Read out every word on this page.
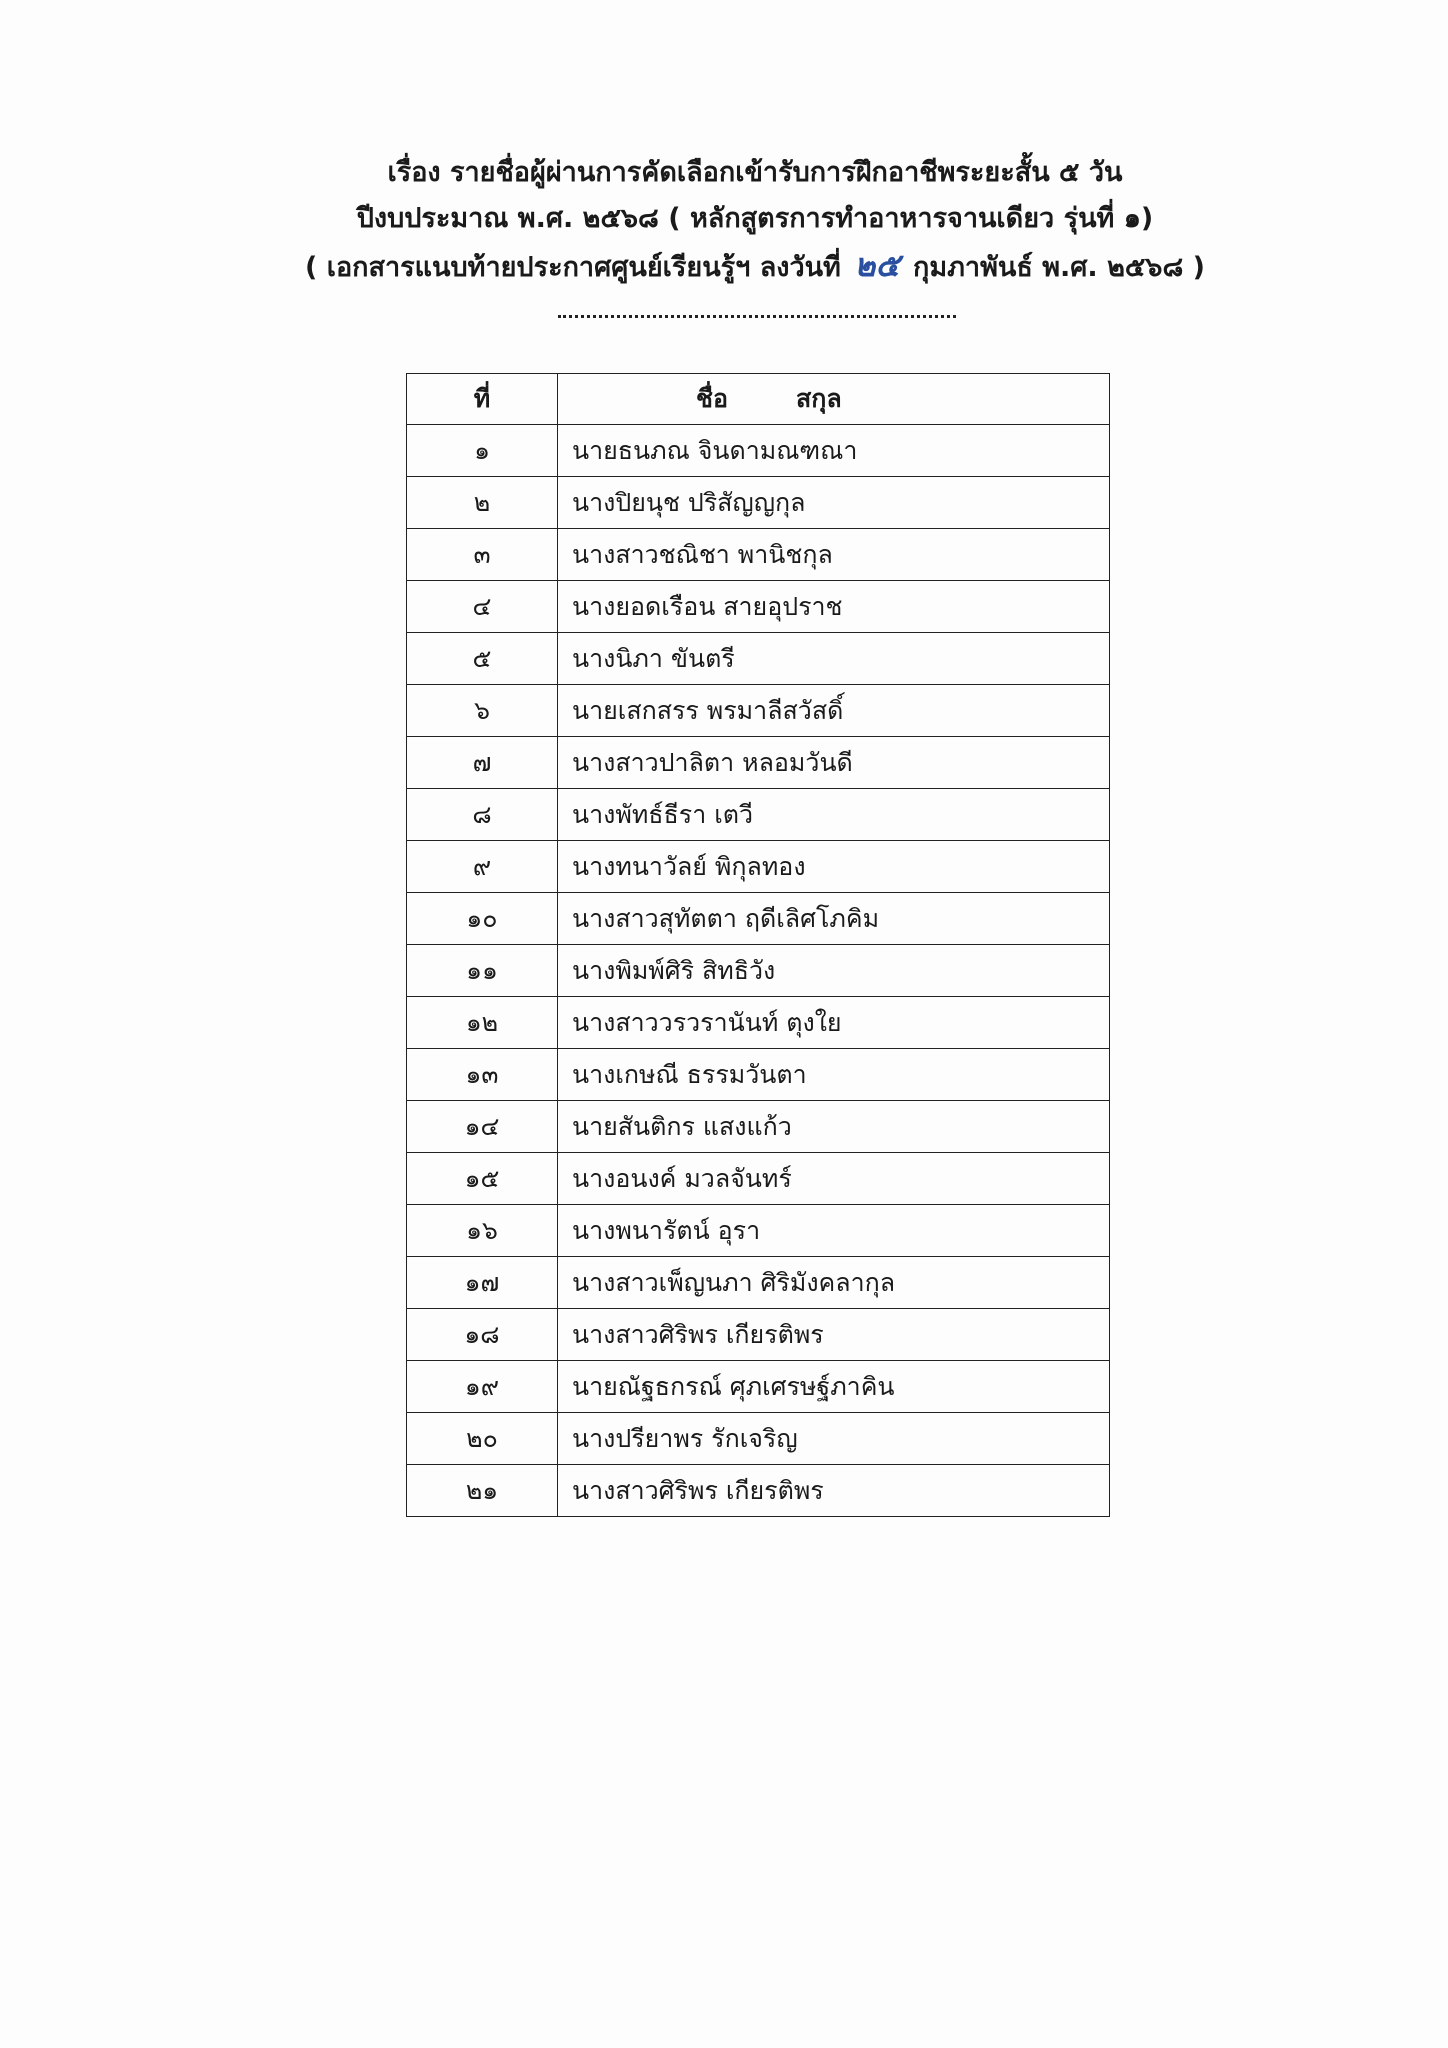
เรื่อง รายชื่อผู้ผ่านการคัดเลือกเข้ารับการฝึกอาชีพระยะสั้น ๕ วัน
ปีงบประมาณ พ.ศ. ๒๕๖๘ ( หลักสูตรการทำอาหารจานเดียว รุ่นที่ ๑)
( เอกสารแนบท้ายประกาศศูนย์เรียนรู้ฯ ลงวันที่ ๒๕ กุมภาพันธ์ พ.ศ. ๒๕๖๘ )
ที่	ชื่อ สกุล

๑	นายธนภณ จินดามณฑณา
๒	นางปิยนุช ปริสัญญกุล
๓	นางสาวชณิชา พานิชกุล
๔	นางยอดเรือน สายอุปราช
๕	นางนิภา ขันตรี
๖	นายเสกสรร พรมาลีสวัสดิ์
๗	นางสาวปาลิตา หลอมวันดี
๘	นางพัทธ์ธีรา เตวี
๙	นางทนาวัลย์ พิกุลทอง
๑๐	นางสาวสุทัตตา ฤดีเลิศโภคิม
๑๑	นางพิมพ์ศิริ สิทธิวัง
๑๒	นางสาววรวรานันท์ ตุงใย
๑๓	นางเกษณี ธรรมวันตา
๑๔	นายสันติกร แสงแก้ว
๑๕	นางอนงค์ มวลจันทร์
๑๖	นางพนารัตน์ อุรา
๑๗	นางสาวเพ็ญนภา ศิริมังคลากุล
๑๘	นางสาวศิริพร เกียรติพร
๑๙	นายณัฐธกรณ์ ศุภเศรษฐ์ภาคิน
๒๐	นางปรียาพร รักเจริญ
๒๑	นางสาวศิริพร เกียรติพร
